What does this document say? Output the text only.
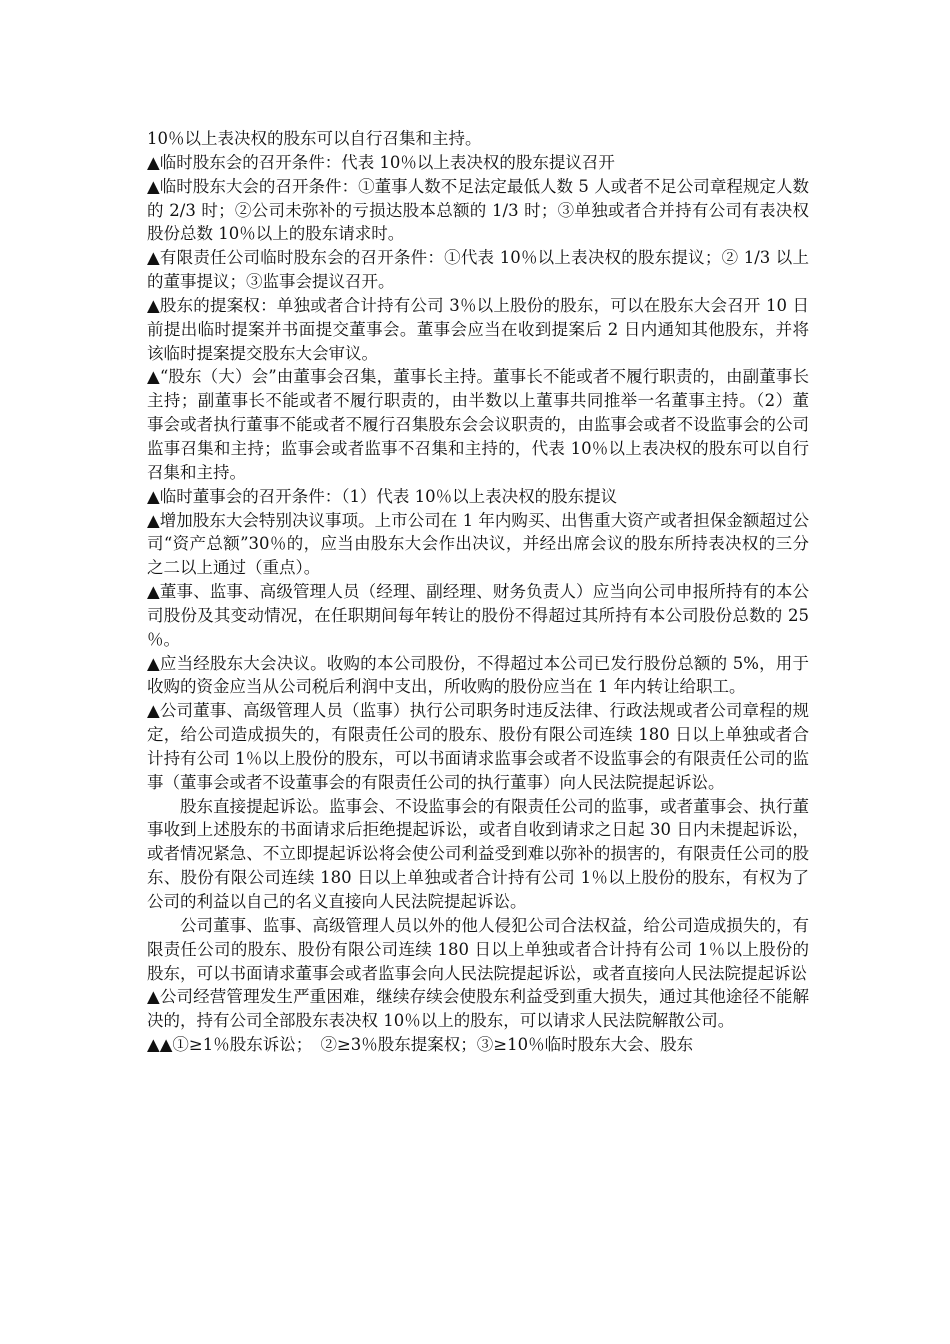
10％以上表决权的股东可以自行召集和主持。

▲临时股东会的召开条件：代表 10％以上表决权的股东提议召开

▲临时股东大会的召开条件：①董事人数不足法定最低人数 5 人或者不足公司章程规定人数的 2/3 时；②公司未弥补的亏损达股本总额的 1/3 时；③单独或者合并持有公司有表决权股份总数 10％以上的股东请求时。

▲有限责任公司临时股东会的召开条件：①代表 10％以上表决权的股东提议；② 1/3 以上的董事提议；③监事会提议召开。

▲股东的提案权：单独或者合计持有公司 3％以上股份的股东，可以在股东大会召开 10 日前提出临时提案并书面提交董事会。董事会应当在收到提案后 2 日内通知其他股东，并将该临时提案提交股东大会审议。

▲“股东（大）会”由董事会召集，董事长主持。董事长不能或者不履行职责的，由副董事长主持；副董事长不能或者不履行职责的，由半数以上董事共同推举一名董事主持。（2）董事会或者执行董事不能或者不履行召集股东会会议职责的，由监事会或者不设监事会的公司监事召集和主持；监事会或者监事不召集和主持的，代表 10％以上表决权的股东可以自行召集和主持。

▲临时董事会的召开条件：（1）代表 10％以上表决权的股东提议

▲增加股东大会特别决议事项。上市公司在 1 年内购买、出售重大资产或者担保金额超过公司“资产总额”30％的，应当由股东大会作出决议，并经出席会议的股东所持表决权的三分之二以上通过（重点）。

▲董事、监事、高级管理人员（经理、副经理、财务负责人）应当向公司申报所持有的本公司股份及其变动情况，在任职期间每年转让的股份不得超过其所持有本公司股份总数的 25％。

▲应当经股东大会决议。收购的本公司股份，不得超过本公司已发行股份总额的 5%，用于收购的资金应当从公司税后利润中支出，所收购的股份应当在 1 年内转让给职工。

▲公司董事、高级管理人员（监事）执行公司职务时违反法律、行政法规或者公司章程的规定，给公司造成损失的，有限责任公司的股东、股份有限公司连续 180 日以上单独或者合计持有公司 1％以上股份的股东，可以书面请求监事会或者不设监事会的有限责任公司的监事（董事会或者不设董事会的有限责任公司的执行董事）向人民法院提起诉讼。

股东直接提起诉讼。监事会、不设监事会的有限责任公司的监事，或者董事会、执行董事收到上述股东的书面请求后拒绝提起诉讼，或者自收到请求之日起 30 日内未提起诉讼，或者情况紧急、不立即提起诉讼将会使公司利益受到难以弥补的损害的，有限责任公司的股东、股份有限公司连续 180 日以上单独或者合计持有公司 1％以上股份的股东，有权为了公司的利益以自己的名义直接向人民法院提起诉讼。

公司董事、监事、高级管理人员以外的他人侵犯公司合法权益，给公司造成损失的，有限责任公司的股东、股份有限公司连续 180 日以上单独或者合计持有公司 1％以上股份的股东，可以书面请求董事会或者监事会向人民法院提起诉讼，或者直接向人民法院提起诉讼

▲公司经营管理发生严重困难，继续存续会使股东利益受到重大损失，通过其他途径不能解决的，持有公司全部股东表决权 10％以上的股东，可以请求人民法院解散公司。

▲▲①≥1％股东诉讼；　②≥3％股东提案权；③≥10％临时股东大会、股东
